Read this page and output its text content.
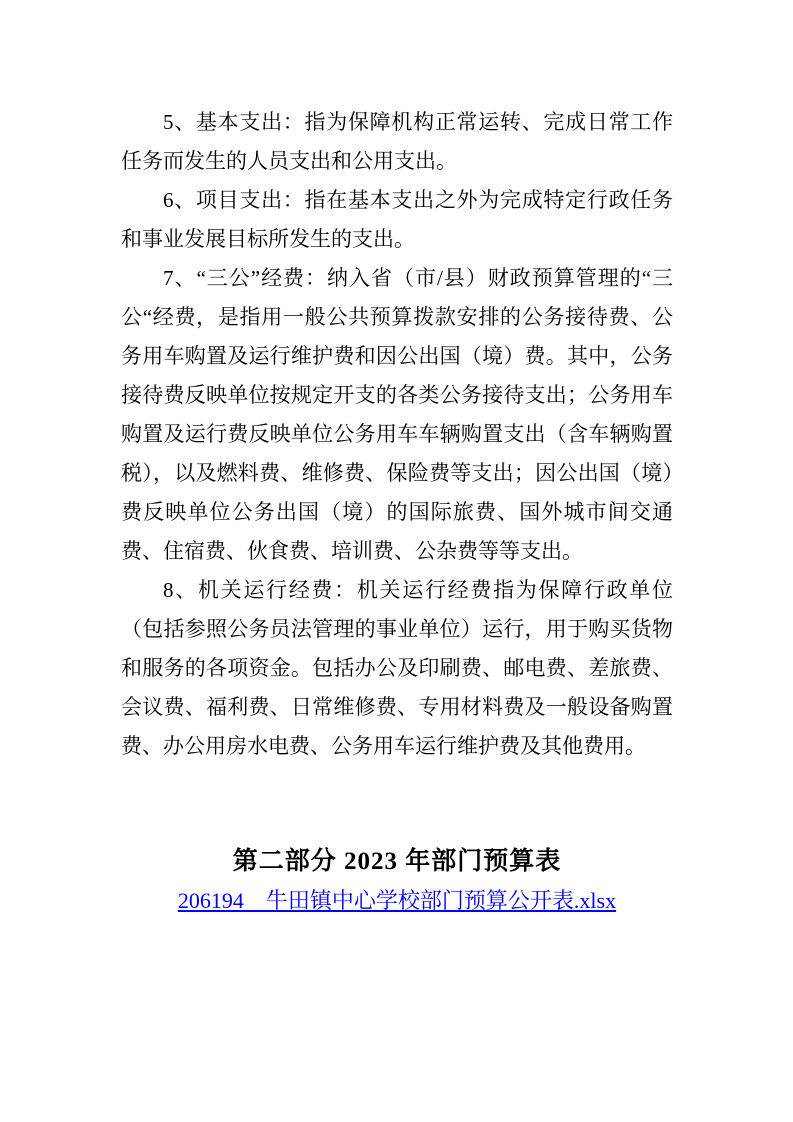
5、基本支出：指为保障机构正常运转、完成日常工作任务而发生的人员支出和公用支出。

6、项目支出：指在基本支出之外为完成特定行政任务和事业发展目标所发生的支出。

7、“三公”经费：纳入省（市/县）财政预算管理的“三公“经费，是指用一般公共预算拨款安排的公务接待费、公务用车购置及运行维护费和因公出国（境）费。其中，公务接待费反映单位按规定开支的各类公务接待支出；公务用车购置及运行费反映单位公务用车车辆购置支出（含车辆购置税），以及燃料费、维修费、保险费等支出；因公出国（境）费反映单位公务出国（境）的国际旅费、国外城市间交通费、住宿费、伙食费、培训费、公杂费等等支出。

8、机关运行经费：机关运行经费指为保障行政单位（包括参照公务员法管理的事业单位）运行，用于购买货物和服务的各项资金。包括办公及印刷费、邮电费、差旅费、会议费、福利费、日常维修费、专用材料费及一般设备购置费、办公用房水电费、公务用车运行维护费及其他费用。

第二部分 2023 年部门预算表

206194　牛田镇中心学校部门预算公开表.xlsx
